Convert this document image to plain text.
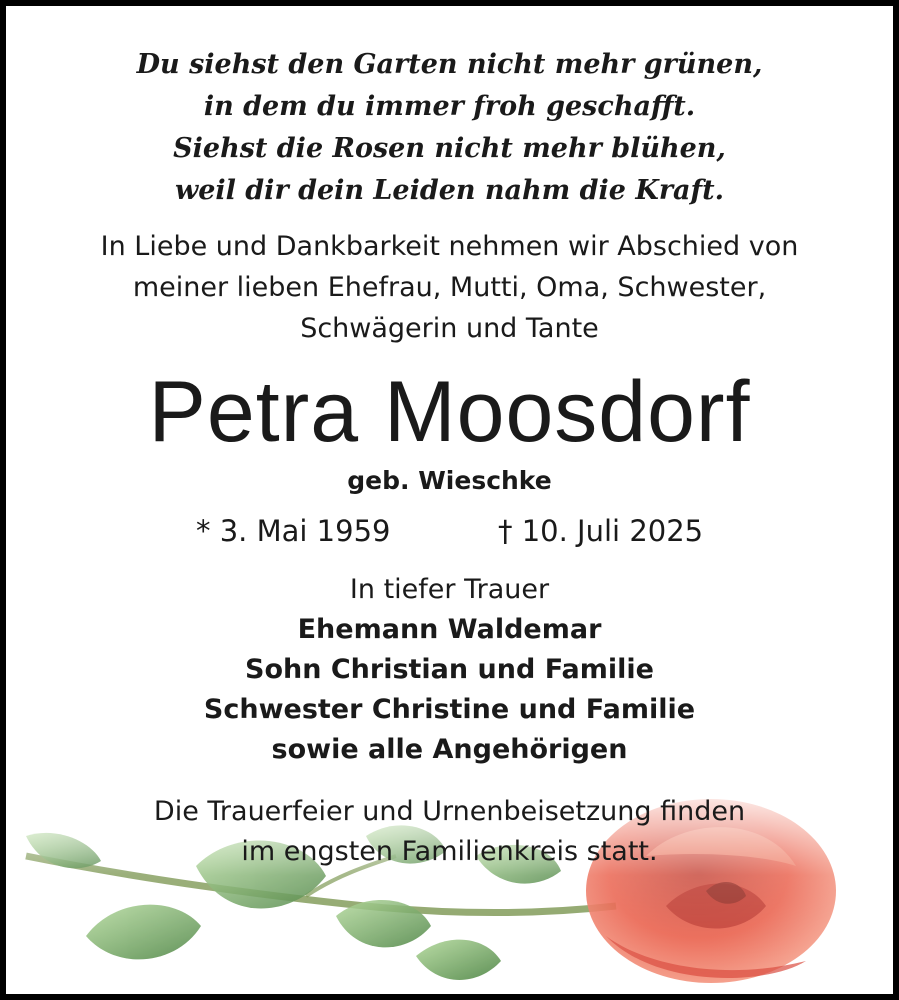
Du siehst den Garten nicht mehr grünen,
in dem du immer froh geschafft.
Siehst die Rosen nicht mehr blühen,
weil dir dein Leiden nahm die Kraft.
In Liebe und Dankbarkeit nehmen wir Abschied von
meiner lieben Ehefrau, Mutti, Oma, Schwester,
Schwägerin und Tante
Petra Moosdorf
geb. Wieschke
* 3. Mai 1959	† 10. Juli 2025
In tiefer Trauer
Ehemann Waldemar
Sohn Christian und Familie
Schwester Christine und Familie
sowie alle Angehörigen
Die Trauerfeier und Urnenbeisetzung finden
im engsten Familienkreis statt.
